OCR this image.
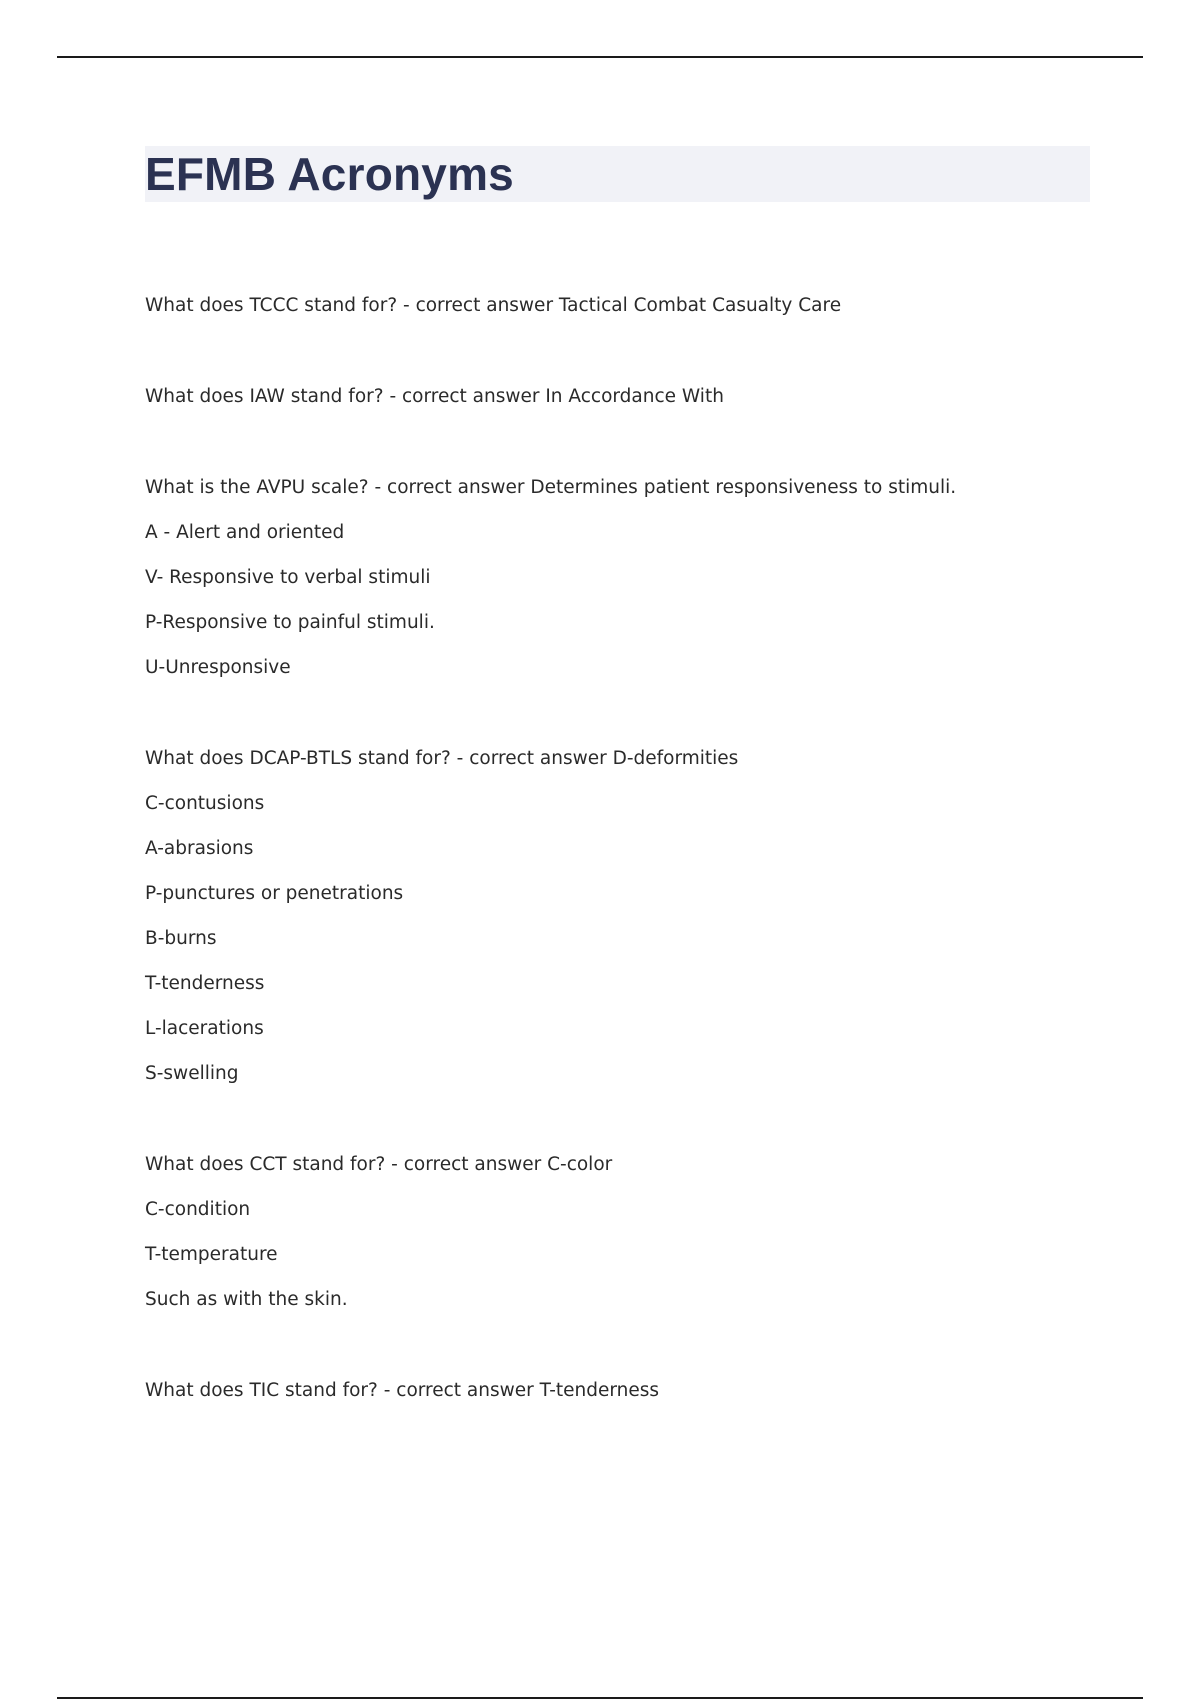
EFMB Acronyms
What does TCCC stand for? - correct answer Tactical Combat Casualty Care
What does IAW stand for? - correct answer In Accordance With
What is the AVPU scale? - correct answer Determines patient responsiveness to stimuli.
A - Alert and oriented
V- Responsive to verbal stimuli
P-Responsive to painful stimuli.
U-Unresponsive
What does DCAP-BTLS stand for? - correct answer D-deformities
C-contusions
A-abrasions
P-punctures or penetrations
B-burns
T-tenderness
L-lacerations
S-swelling
What does CCT stand for? - correct answer C-color
C-condition
T-temperature
Such as with the skin.
What does TIC stand for? - correct answer T-tenderness
